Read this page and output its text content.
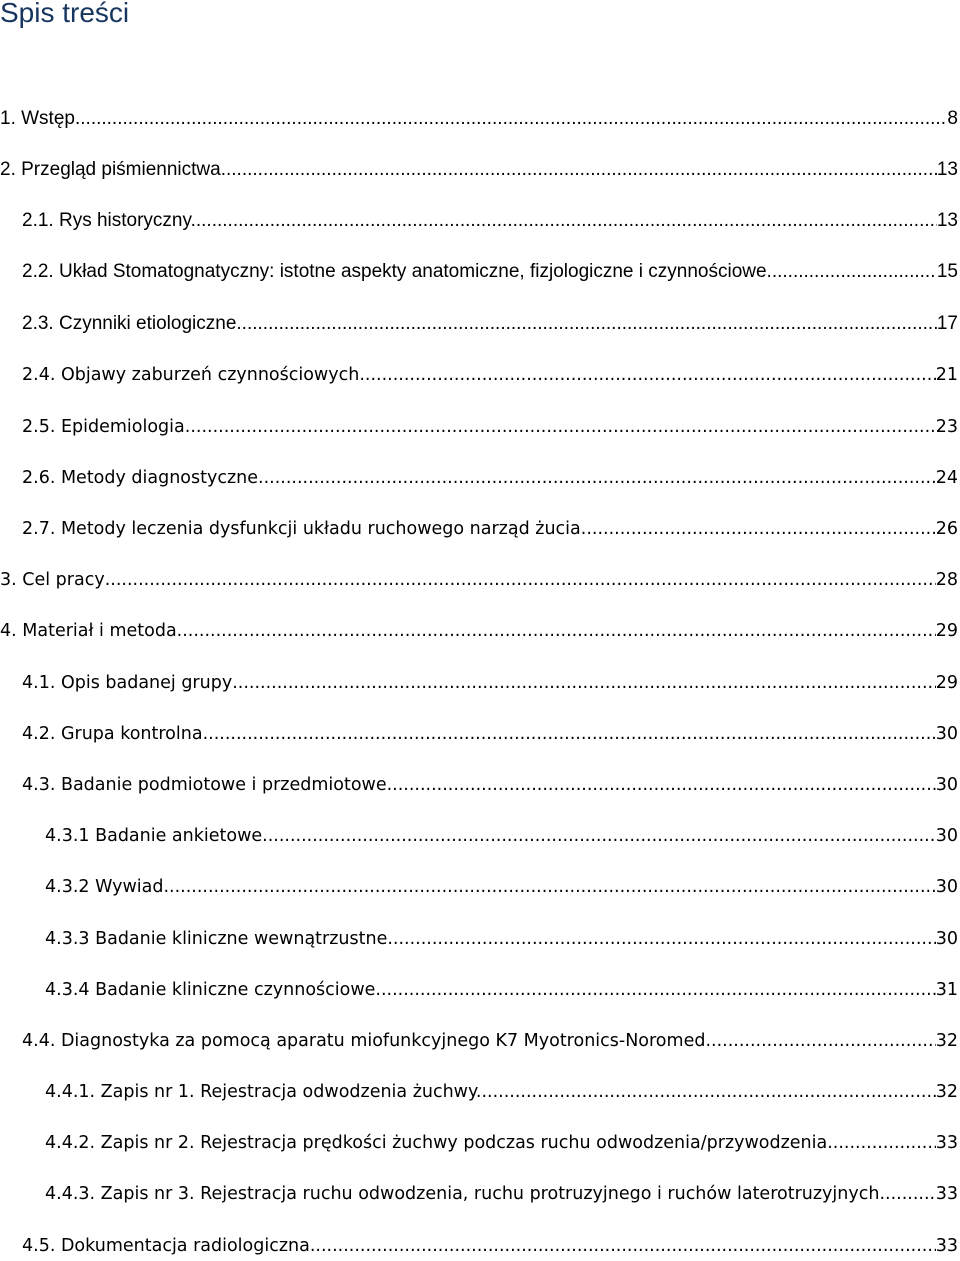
Spis treści
1. Wstęp .....	8
2. Przegląd piśmiennictwa. .....	13
2.1. Rys historyczny. .....	13
2.2. Układ Stomatognatyczny: istotne aspekty anatomiczne, fizjologiczne i czynnościowe. .....	15
2.3. Czynniki etiologiczne .....	17
2.4. Objawy zaburzeń czynnościowych .....	21
2.5. Epidemiologia. .....	23
2.6. Metody diagnostyczne .....	24
2.7. Metody leczenia dysfunkcji układu ruchowego narząd żucia .....	26
3. Cel pracy .....	28
4. Materiał i metoda .....	29
4.1. Opis badanej grupy .....	29
4.2. Grupa kontrolna .....	30
4.3. Badanie podmiotowe i przedmiotowe .....	30
4.3.1 Badanie ankietowe .....	30
4.3.2 Wywiad .....	30
4.3.3 Badanie kliniczne wewnątrzustne .....	30
4.3.4 Badanie kliniczne czynnościowe .....	31
4.4. Diagnostyka za pomocą aparatu miofunkcyjnego K7 Myotronics-Noromed .....	32
4.4.1. Zapis nr 1. Rejestracja odwodzenia żuchwy. .....	32
4.4.2. Zapis nr 2. Rejestracja prędkości żuchwy podczas ruchu odwodzenia/przywodzenia .....	33
4.4.3. Zapis nr 3. Rejestracja ruchu odwodzenia, ruchu protruzyjnego i ruchów laterotruzyjnych .....	33
4.5. Dokumentacja radiologiczna. .....	33
